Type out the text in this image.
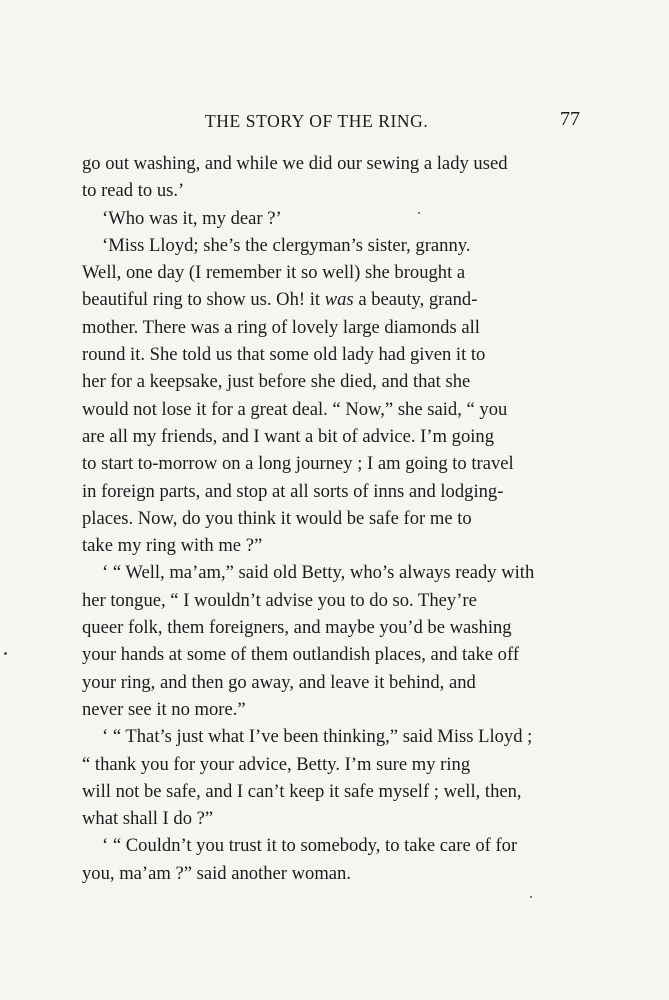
THE STORY OF THE RING.	77
go out washing, and while we did our sewing a lady used
to read to us.’
‘Who was it, my dear ?’
‘Miss Lloyd; she’s the clergyman’s sister, granny.
Well, one day (I remember it so well) she brought a
beautiful ring to show us. Oh! it was a beauty, grand-
mother. There was a ring of lovely large diamonds all
round it. She told us that some old lady had given it to
her for a keepsake, just before she died, and that she
would not lose it for a great deal. “ Now,” she said, “ you
are all my friends, and I want a bit of advice. I’m going
to start to-morrow on a long journey ; I am going to travel
in foreign parts, and stop at all sorts of inns and lodging-
places. Now, do you think it would be safe for me to
take my ring with me ?”
‘ “ Well, ma’am,” said old Betty, who’s always ready with
her tongue, “ I wouldn’t advise you to do so. They’re
queer folk, them foreigners, and maybe you’d be washing
your hands at some of them outlandish places, and take off
your ring, and then go away, and leave it behind, and
never see it no more.”
‘ “ That’s just what I’ve been thinking,” said Miss Lloyd ;
“ thank you for your advice, Betty. I’m sure my ring
will not be safe, and I can’t keep it safe myself ; well, then,
what shall I do ?”
‘ “ Couldn’t you trust it to somebody, to take care of for
you, ma’am ?” said another woman.
